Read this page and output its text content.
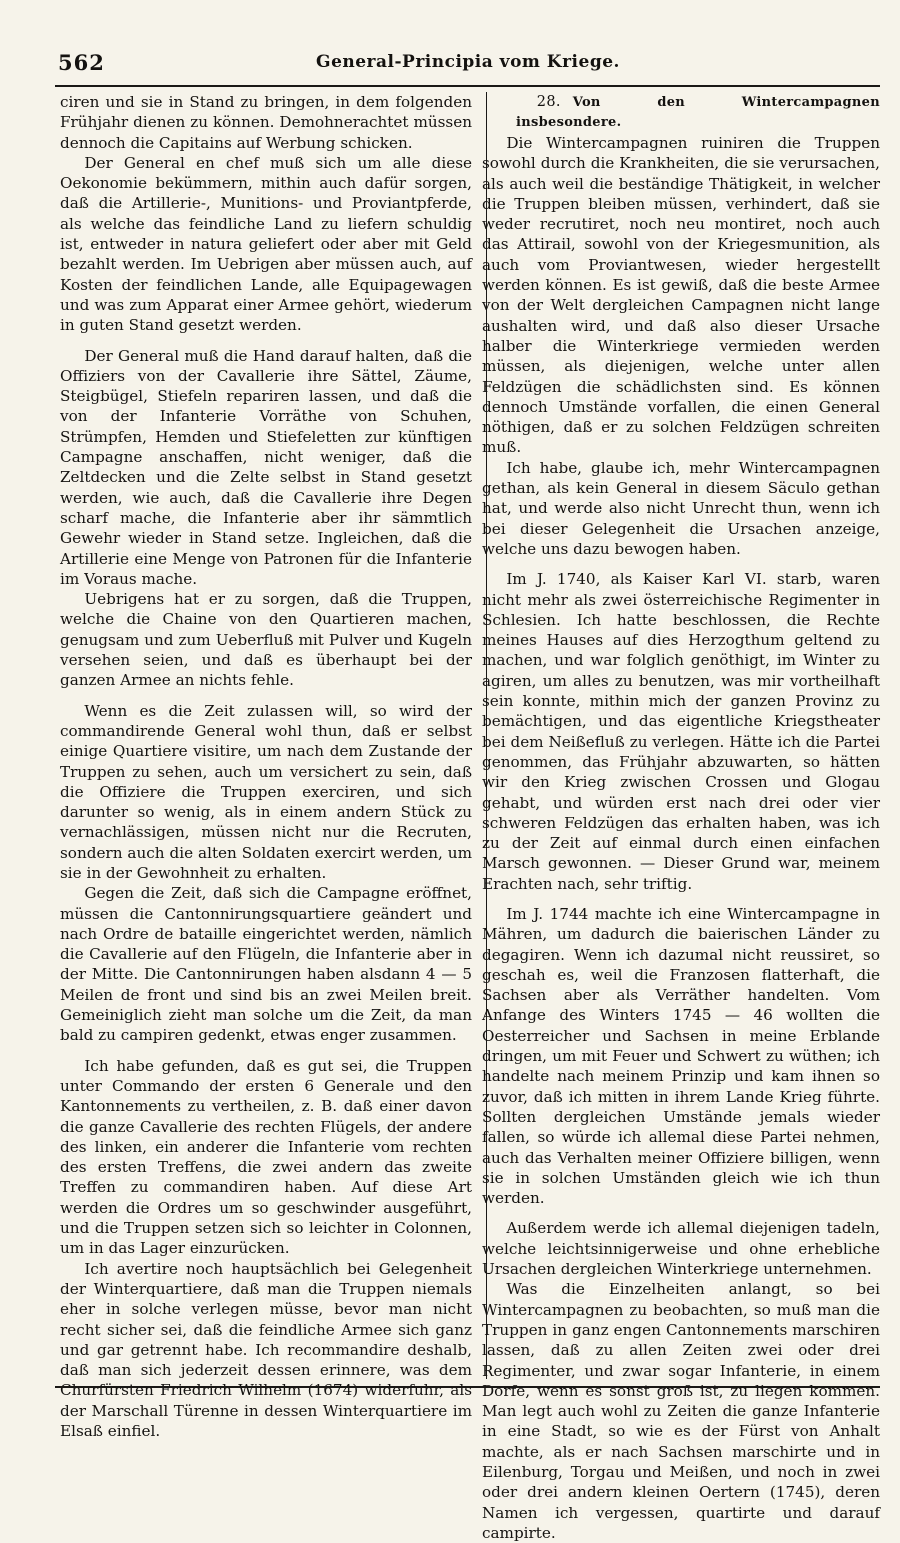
562	General-Principia vom Kriege.

ciren und sie in Stand zu bringen, in dem folgenden Frühjahr dienen zu können. Demohnerachtet müssen dennoch die Capitains auf Werbung schicken.

Der General en chef muß sich um alle diese Oekonomie bekümmern, mithin auch dafür sorgen, daß die Artillerie-, Munitions- und Proviantpferde, als welche das feindliche Land zu liefern schuldig ist, entweder in natura geliefert oder aber mit Geld bezahlt werden. Im Uebrigen aber müssen auch, auf Kosten der feindlichen Lande, alle Equipagewagen und was zum Apparat einer Armee gehört, wiederum in guten Stand gesetzt werden.

Der General muß die Hand darauf halten, daß die Offiziers von der Cavallerie ihre Sättel, Zäume, Steigbügel, Stiefeln repariren lassen, und daß die von der Infanterie Vorräthe von Schuhen, Strümpfen, Hemden und Stiefeletten zur künftigen Campagne anschaffen, nicht weniger, daß die Zeltdecken und die Zelte selbst in Stand gesetzt werden, wie auch, daß die Cavallerie ihre Degen scharf mache, die Infanterie aber ihr sämmtlich Gewehr wieder in Stand setze. Ingleichen, daß die Artillerie eine Menge von Patronen für die Infanterie im Voraus mache.

Uebrigens hat er zu sorgen, daß die Truppen, welche die Chaine von den Quartieren machen, genugsam und zum Ueberfluß mit Pulver und Kugeln versehen seien, und daß es überhaupt bei der ganzen Armee an nichts fehle.

Wenn es die Zeit zulassen will, so wird der commandirende General wohl thun, daß er selbst einige Quartiere visitire, um nach dem Zustande der Truppen zu sehen, auch um versichert zu sein, daß die Offiziere die Truppen exerciren, und sich darunter so wenig, als in einem andern Stück zu vernachlässigen, müssen nicht nur die Recruten, sondern auch die alten Soldaten exercirt werden, um sie in der Gewohnheit zu erhalten.

Gegen die Zeit, daß sich die Campagne eröffnet, müssen die Cantonnirungsquartiere geändert und nach Ordre de bataille eingerichtet werden, nämlich die Cavallerie auf den Flügeln, die Infanterie aber in der Mitte. Die Cantonnirungen haben alsdann 4 — 5 Meilen de front und sind bis an zwei Meilen breit. Gemeiniglich zieht man solche um die Zeit, da man bald zu campiren gedenkt, etwas enger zusammen.

Ich habe gefunden, daß es gut sei, die Truppen unter Commando der ersten 6 Generale und den Kantonnements zu vertheilen, z. B. daß einer davon die ganze Cavallerie des rechten Flügels, der andere des linken, ein anderer die Infanterie vom rechten des ersten Treffens, die zwei andern das zweite Treffen zu commandiren haben. Auf diese Art werden die Ordres um so geschwinder ausgeführt, und die Truppen setzen sich so leichter in Colonnen, um in das Lager einzurücken.

Ich avertire noch hauptsächlich bei Gelegenheit der Winterquartiere, daß man die Truppen niemals eher in solche verlegen müsse, bevor man nicht recht sicher sei, daß die feindliche Armee sich ganz und gar getrennt habe. Ich recommandire deshalb, daß man sich jederzeit dessen erinnere, was dem Churfürsten Friedrich Wilhelm (1674) widerfuhr, als der Marschall Türenne in dessen Winterquartiere im Elsaß einfiel.

28. Von den Wintercampagnen insbesondere.

Die Wintercampagnen ruiniren die Truppen sowohl durch die Krankheiten, die sie verursachen, als auch weil die beständige Thätigkeit, in welcher die Truppen bleiben müssen, verhindert, daß sie weder recrutiret, noch neu montiret, noch auch das Attirail, sowohl von der Kriegesmunition, als auch vom Proviantwesen, wieder hergestellt werden können. Es ist gewiß, daß die beste Armee von der Welt dergleichen Campagnen nicht lange aushalten wird, und daß also dieser Ursache halber die Winterkriege vermieden werden müssen, als diejenigen, welche unter allen Feldzügen die schädlichsten sind. Es können dennoch Umstände vorfallen, die einen General nöthigen, daß er zu solchen Feldzügen schreiten muß.

Ich habe, glaube ich, mehr Wintercampagnen gethan, als kein General in diesem Säculo gethan hat, und werde also nicht Unrecht thun, wenn ich bei dieser Gelegenheit die Ursachen anzeige, welche uns dazu bewogen haben.

Im J. 1740, als Kaiser Karl VI. starb, waren nicht mehr als zwei österreichische Regimenter in Schlesien. Ich hatte beschlossen, die Rechte meines Hauses auf dies Herzogthum geltend zu machen, und war folglich genöthigt, im Winter zu agiren, um alles zu benutzen, was mir vortheilhaft sein konnte, mithin mich der ganzen Provinz zu bemächtigen, und das eigentliche Kriegstheater bei dem Neißefluß zu verlegen. Hätte ich die Partei genommen, das Frühjahr abzuwarten, so hätten wir den Krieg zwischen Crossen und Glogau gehabt, und würden erst nach drei oder vier schweren Feldzügen das erhalten haben, was ich zu der Zeit auf einmal durch einen einfachen Marsch gewonnen. — Dieser Grund war, meinem Erachten nach, sehr triftig.

Im J. 1744 machte ich eine Wintercampagne in Mähren, um dadurch die baierischen Länder zu degagiren. Wenn ich dazumal nicht reussiret, so geschah es, weil die Franzosen flatterhaft, die Sachsen aber als Verräther handelten. Vom Anfange des Winters 1745 — 46 wollten die Oesterreicher und Sachsen in meine Erblande dringen, um mit Feuer und Schwert zu wüthen; ich handelte nach meinem Prinzip und kam ihnen so zuvor, daß ich mitten in ihrem Lande Krieg führte. Sollten dergleichen Umstände jemals wieder fallen, so würde ich allemal diese Partei nehmen, auch das Verhalten meiner Offiziere billigen, wenn sie in solchen Umständen gleich wie ich thun werden.

Außerdem werde ich allemal diejenigen tadeln, welche leichtsinnigerweise und ohne erhebliche Ursachen dergleichen Winterkriege unternehmen.

Was die Einzelheiten anlangt, so bei Wintercampagnen zu beobachten, so muß man die Truppen in ganz engen Cantonnements marschiren lassen, daß zu allen Zeiten zwei oder drei Regimenter, und zwar sogar Infanterie, in einem Dorfe, wenn es sonst groß ist, zu liegen kommen. Man legt auch wohl zu Zeiten die ganze Infanterie in eine Stadt, so wie es der Fürst von Anhalt machte, als er nach Sachsen marschirte und in Eilenburg, Torgau und Meißen, und noch in zwei oder drei andern kleinen Oertern (1745), deren Namen ich vergessen, quartirte und darauf campirte.
